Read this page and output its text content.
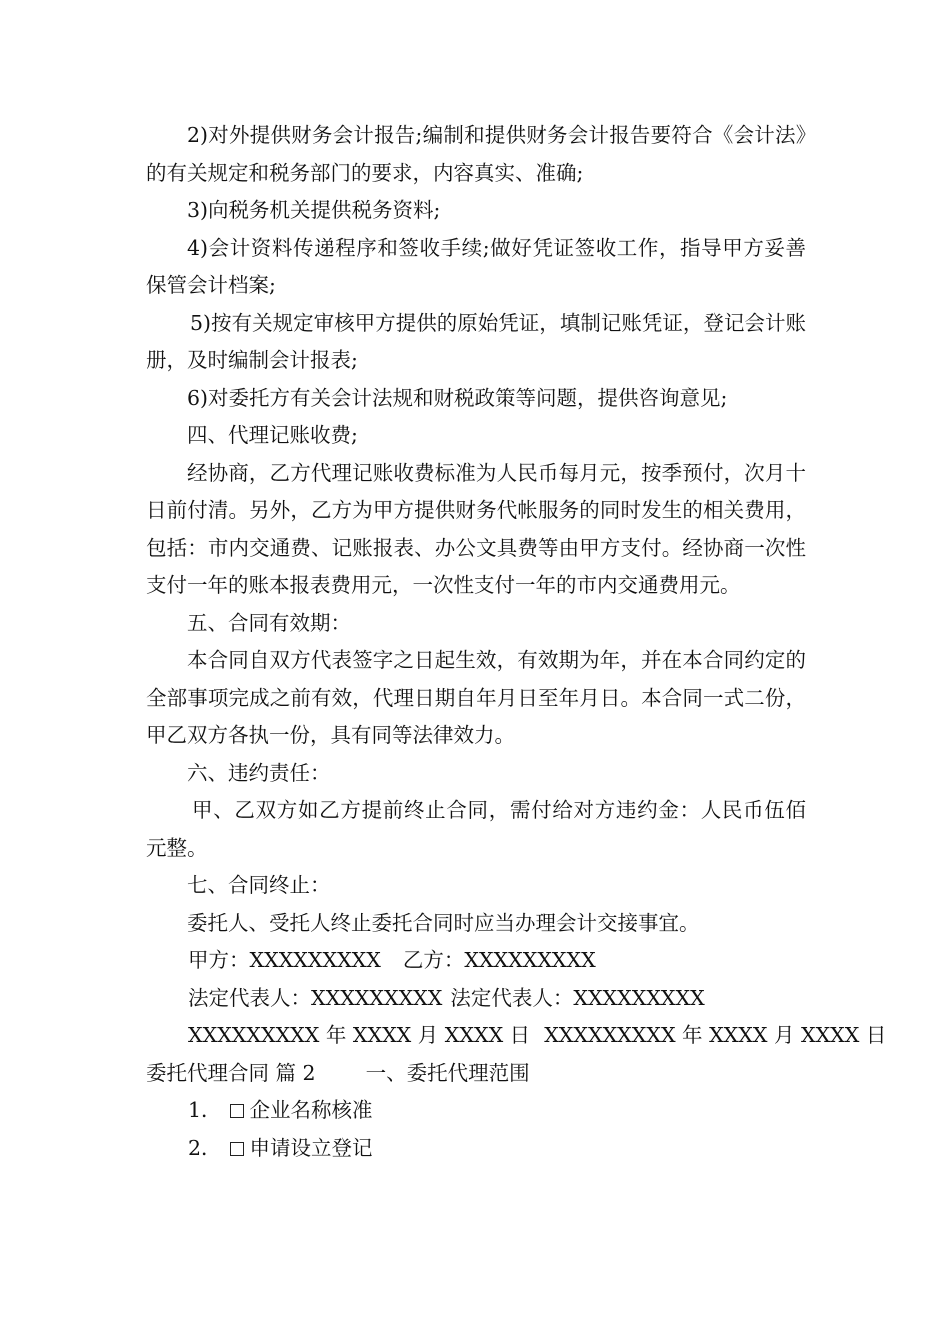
2)对外提供财务会计报告;编制和提供财务会计报告要符合《会计法》的有关规定和税务部门的要求，内容真实、准确;

3)向税务机关提供税务资料;

4)会计资料传递程序和签收手续;做好凭证签收工作，指导甲方妥善保管会计档案;

5)按有关规定审核甲方提供的原始凭证，填制记账凭证，登记会计账册，及时编制会计报表;

6)对委托方有关会计法规和财税政策等问题，提供咨询意见;

四、代理记账收费;

经协商，乙方代理记账收费标准为人民币每月元，按季预付，次月十日前付清。另外，乙方为甲方提供财务代帐服务的同时发生的相关费用，包括：市内交通费、记账报表、办公文具费等由甲方支付。经协商一次性支付一年的账本报表费用元，一次性支付一年的市内交通费用元。

五、合同有效期：

本合同自双方代表签字之日起生效，有效期为年，并在本合同约定的全部事项完成之前有效，代理日期自年月日至年月日。本合同一式二份，甲乙双方各执一份，具有同等法律效力。

六、违约责任：

甲、乙双方如乙方提前终止合同，需付给对方违约金：人民币伍佰元整。

七、合同终止：

委托人、受托人终止委托合同时应当办理会计交接事宜。

甲方：XXXXXXXXX 乙方：XXXXXXXXX
法定代表人：XXXXXXXXX 法定代表人：XXXXXXXXX
XXXXXXXXX 年 XXXX 月 XXXX 日 XXXXXXXXX 年 XXXX 月 XXXX 日
委托代理合同 篇 2 一、委托代理范围
1． 企业名称核准
2． 申请设立登记
